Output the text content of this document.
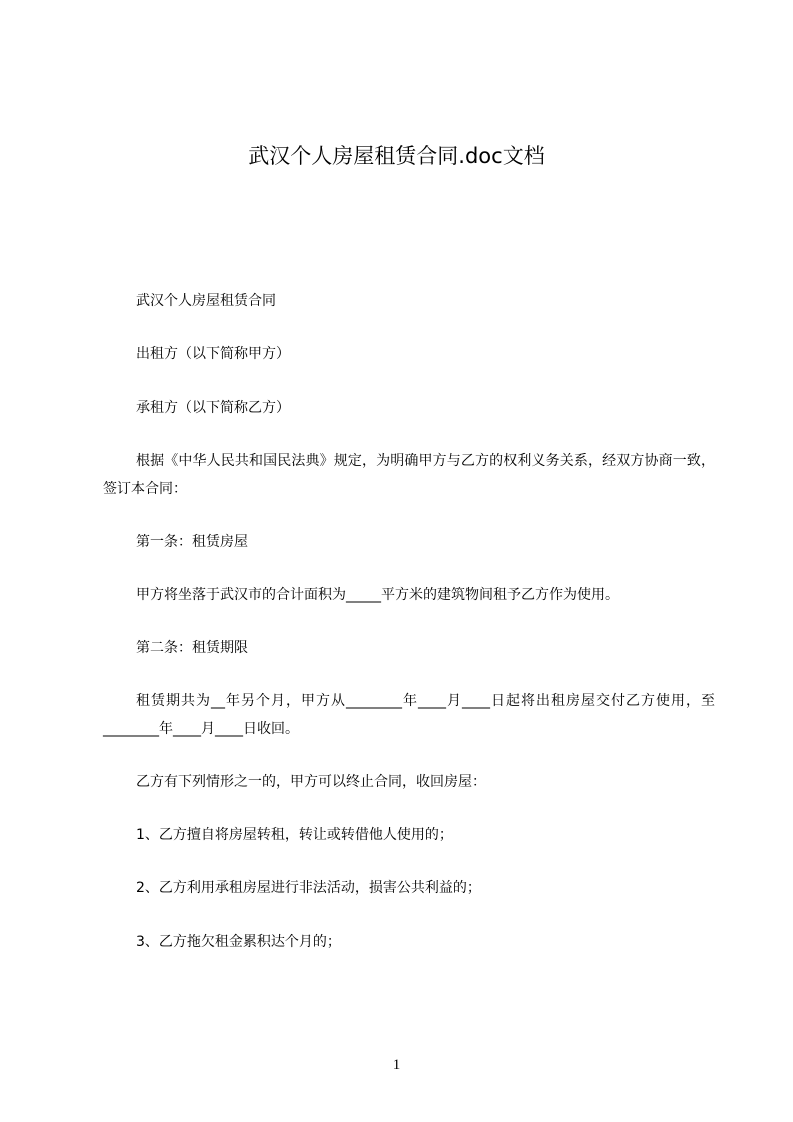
武汉个人房屋租赁合同.doc文档
武汉个人房屋租赁合同
出租方（以下简称甲方）
承租方（以下简称乙方）
根据《中华人民共和国民法典》规定，为明确甲方与乙方的权利义务关系，经双方协商一致，签订本合同：
第一条：租赁房屋
甲方将坐落于武汉市的合计面积为_____平方米的建筑物间租予乙方作为使用。
第二条：租赁期限
租赁期共为__年另个月，甲方从________年____月____日起将出租房屋交付乙方使用，至________年____月____日收回。
乙方有下列情形之一的，甲方可以终止合同，收回房屋：
1、乙方擅自将房屋转租，转让或转借他人使用的；
2、乙方利用承租房屋进行非法活动，损害公共利益的；
3、乙方拖欠租金累积达个月的；
1
